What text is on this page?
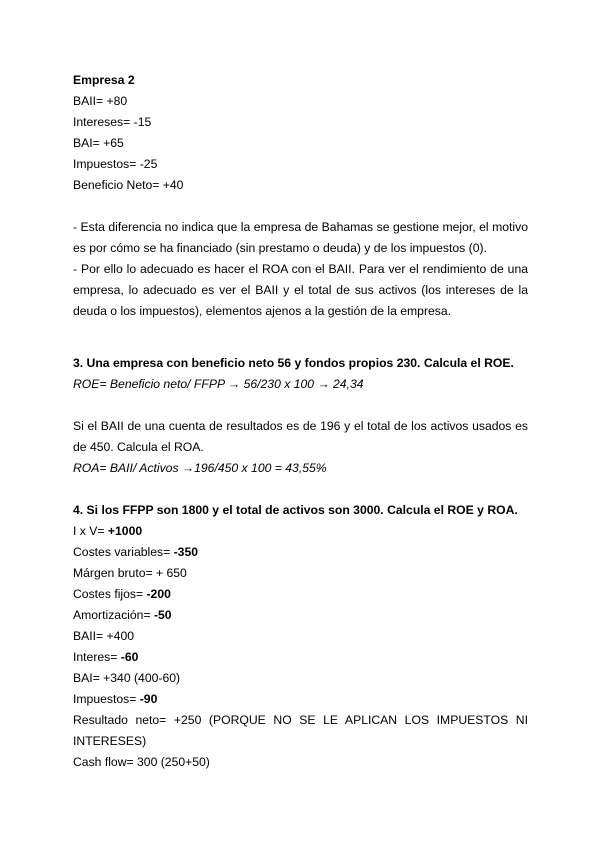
Empresa 2
BAII= +80
Intereses= -15
BAI= +65
Impuestos= -25
Beneficio Neto= +40
- Esta diferencia no indica que la empresa de Bahamas se gestione mejor, el motivo es por cómo se ha financiado (sin prestamo o deuda) y de los impuestos (0).
- Por ello lo adecuado es hacer el ROA con el BAII. Para ver el rendimiento de una empresa, lo adecuado es ver el BAII y el total de sus activos (los intereses de la deuda o los impuestos), elementos ajenos a la gestión de la empresa.
3. Una empresa con beneficio neto 56 y fondos propios 230. Calcula el ROE.
ROE= Beneficio neto/ FFPP → 56/230 x 100 → 24,34
Si el BAII de una cuenta de resultados es de 196 y el total de los activos usados es de 450. Calcula el ROA.
ROA= BAII/ Activos →196/450 x 100 = 43,55%
4. Si los FFPP son 1800 y el total de activos son 3000. Calcula el ROE y ROA.
I x V= +1000
Costes variables= -350
Márgen bruto= + 650
Costes fijos= -200
Amortización= -50
BAII= +400
Interes= -60
BAI= +340 (400-60)
Impuestos= -90
Resultado neto= +250 (PORQUE NO SE LE APLICAN LOS IMPUESTOS NI INTERESES)
Cash flow= 300 (250+50)
